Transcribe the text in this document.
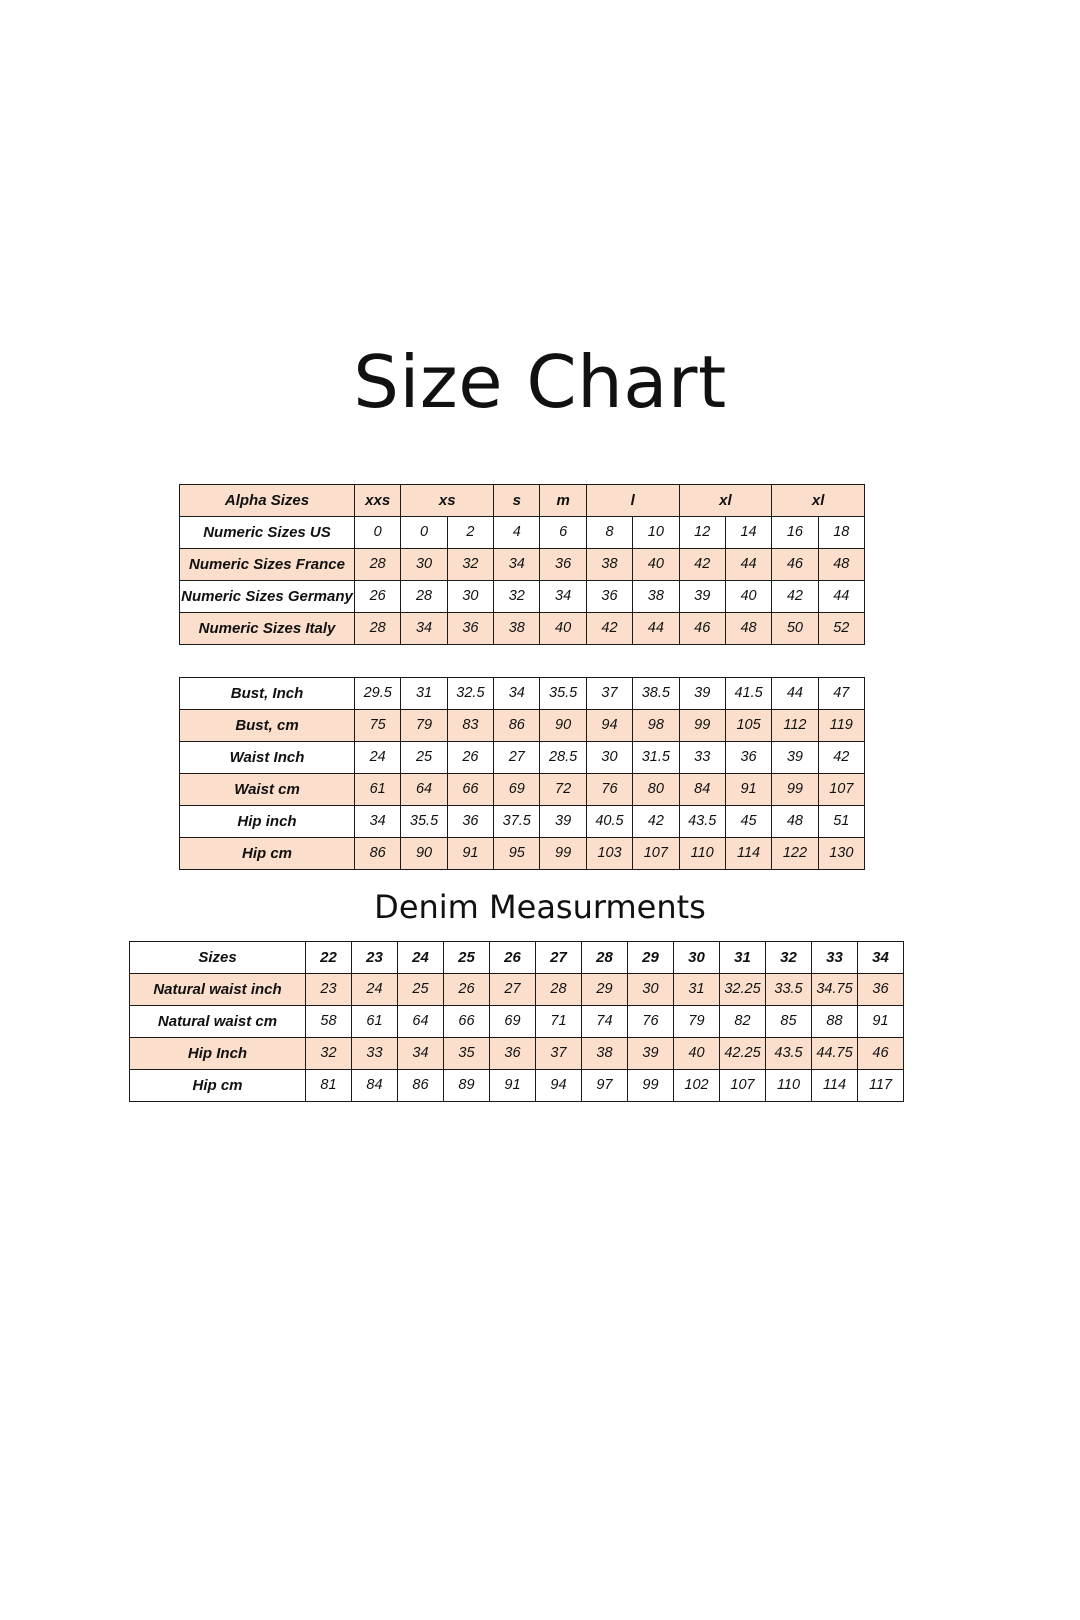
Size Chart
Alpha Sizes	xxs	xs		s	m	l		xl		xl	
Numeric Sizes US	0	0	2	4	6	8	10	12	14	16	18
Numeric Sizes France	28	30	32	34	36	38	40	42	44	46	48
Numeric Sizes Germany	26	28	30	32	34	36	38	39	40	42	44
Numeric Sizes Italy	28	34	36	38	40	42	44	46	48	50	52
Bust, Inch	29.5	31	32.5	34	35.5	37	38.5	39	41.5	44	47
Bust, cm	75	79	83	86	90	94	98	99	105	112	119
Waist Inch	24	25	26	27	28.5	30	31.5	33	36	39	42
Waist cm	61	64	66	69	72	76	80	84	91	99	107
Hip inch	34	35.5	36	37.5	39	40.5	42	43.5	45	48	51
Hip cm	86	90	91	95	99	103	107	110	114	122	130
Denim Measurments
Sizes	22	23	24	25	26	27	28	29	30	31	32	33	34
Natural waist inch	23	24	25	26	27	28	29	30	31	32.25	33.5	34.75	36
Natural waist cm	58	61	64	66	69	71	74	76	79	82	85	88	91
Hip Inch	32	33	34	35	36	37	38	39	40	42.25	43.5	44.75	46
Hip cm	81	84	86	89	91	94	97	99	102	107	110	114	117
